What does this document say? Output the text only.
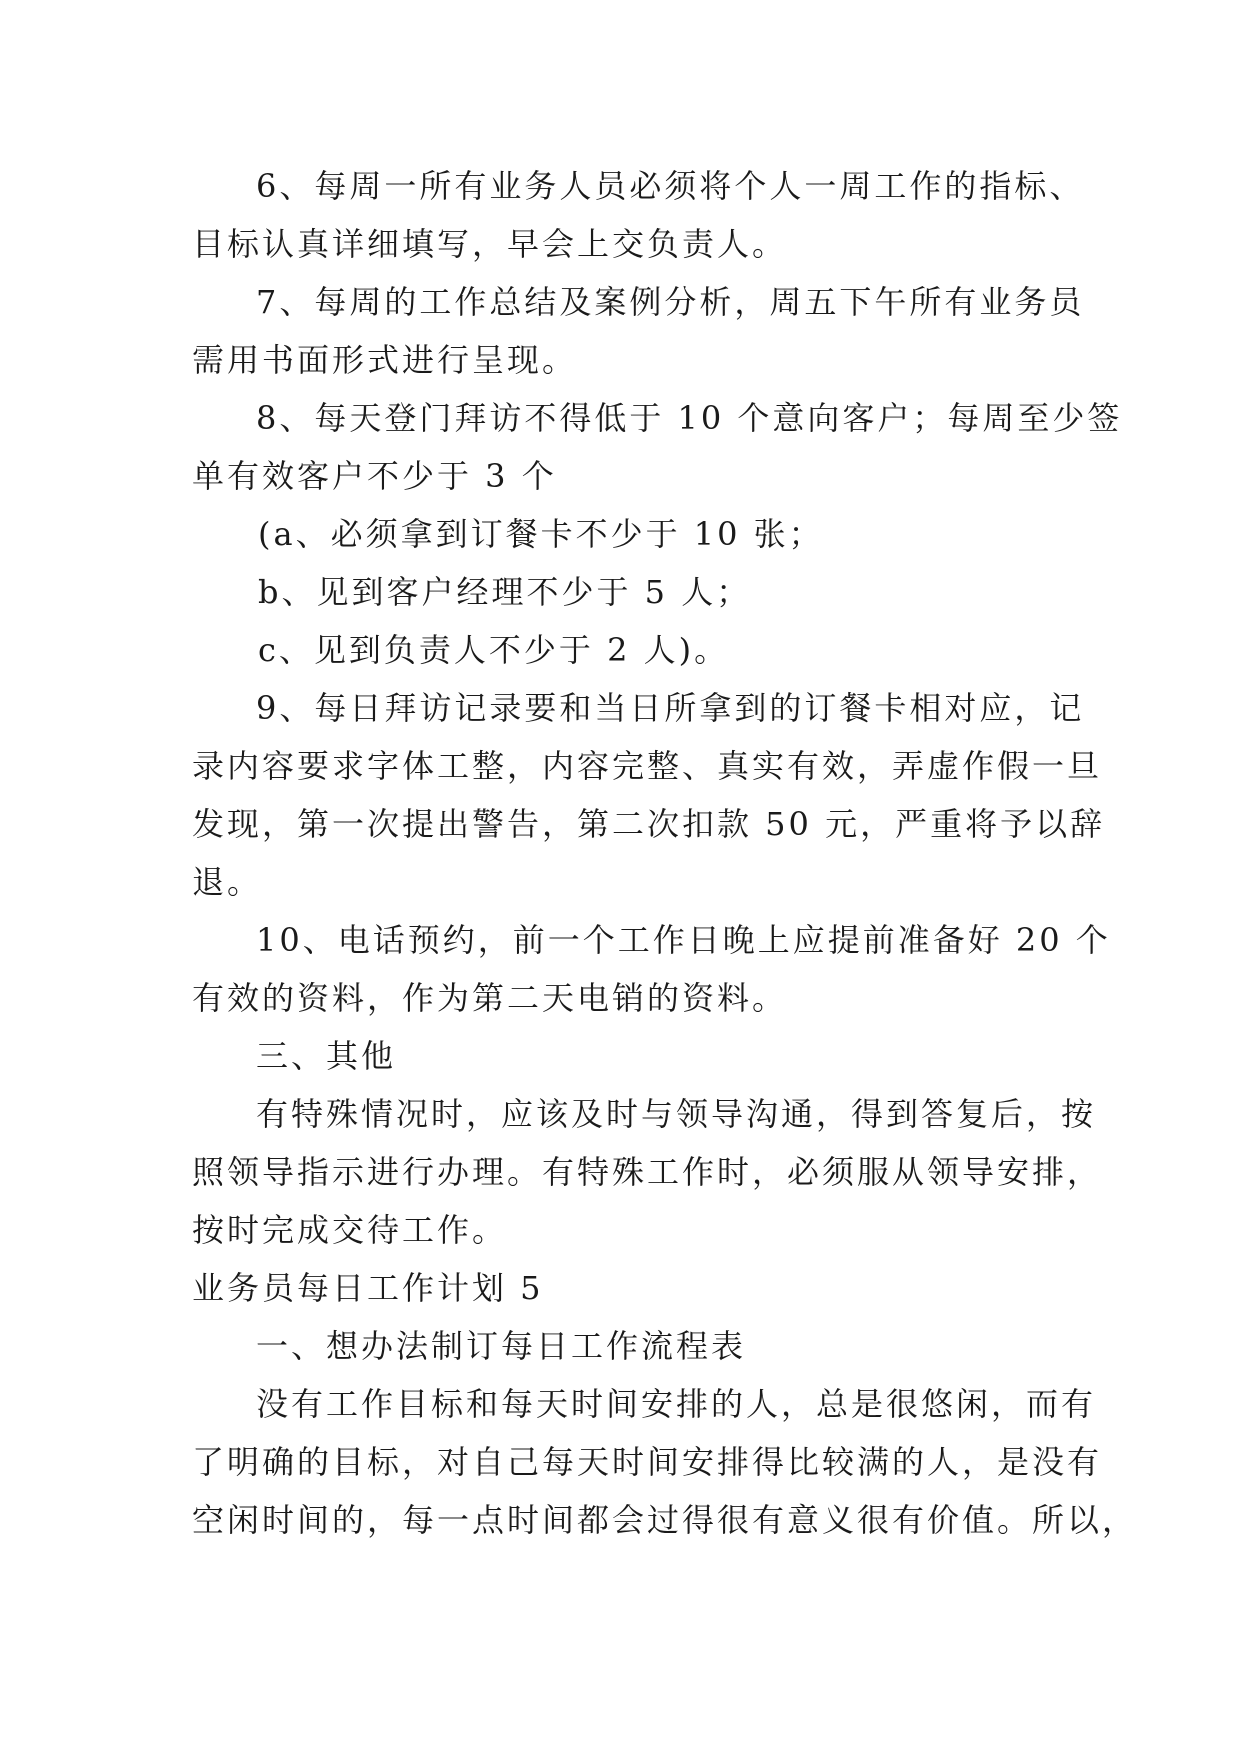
6、每周一所有业务人员必须将个人一周工作的指标、
目标认真详细填写，早会上交负责人。
7、每周的工作总结及案例分析，周五下午所有业务员
需用书面形式进行呈现。
8、每天登门拜访不得低于 10 个意向客户；每周至少签
单有效客户不少于 3 个
(a、必须拿到订餐卡不少于 10 张；
b、见到客户经理不少于 5 人；
c、见到负责人不少于 2 人)。
9、每日拜访记录要和当日所拿到的订餐卡相对应，记
录内容要求字体工整，内容完整、真实有效，弄虚作假一旦
发现，第一次提出警告，第二次扣款 50 元，严重将予以辞
退。
10、电话预约，前一个工作日晚上应提前准备好 20 个
有效的资料，作为第二天电销的资料。
三、其他
有特殊情况时，应该及时与领导沟通，得到答复后，按
照领导指示进行办理。有特殊工作时，必须服从领导安排，
按时完成交待工作。
业务员每日工作计划 5
一、想办法制订每日工作流程表
没有工作目标和每天时间安排的人，总是很悠闲，而有
了明确的目标，对自己每天时间安排得比较满的人，是没有
空闲时间的，每一点时间都会过得很有意义很有价值。所以，
